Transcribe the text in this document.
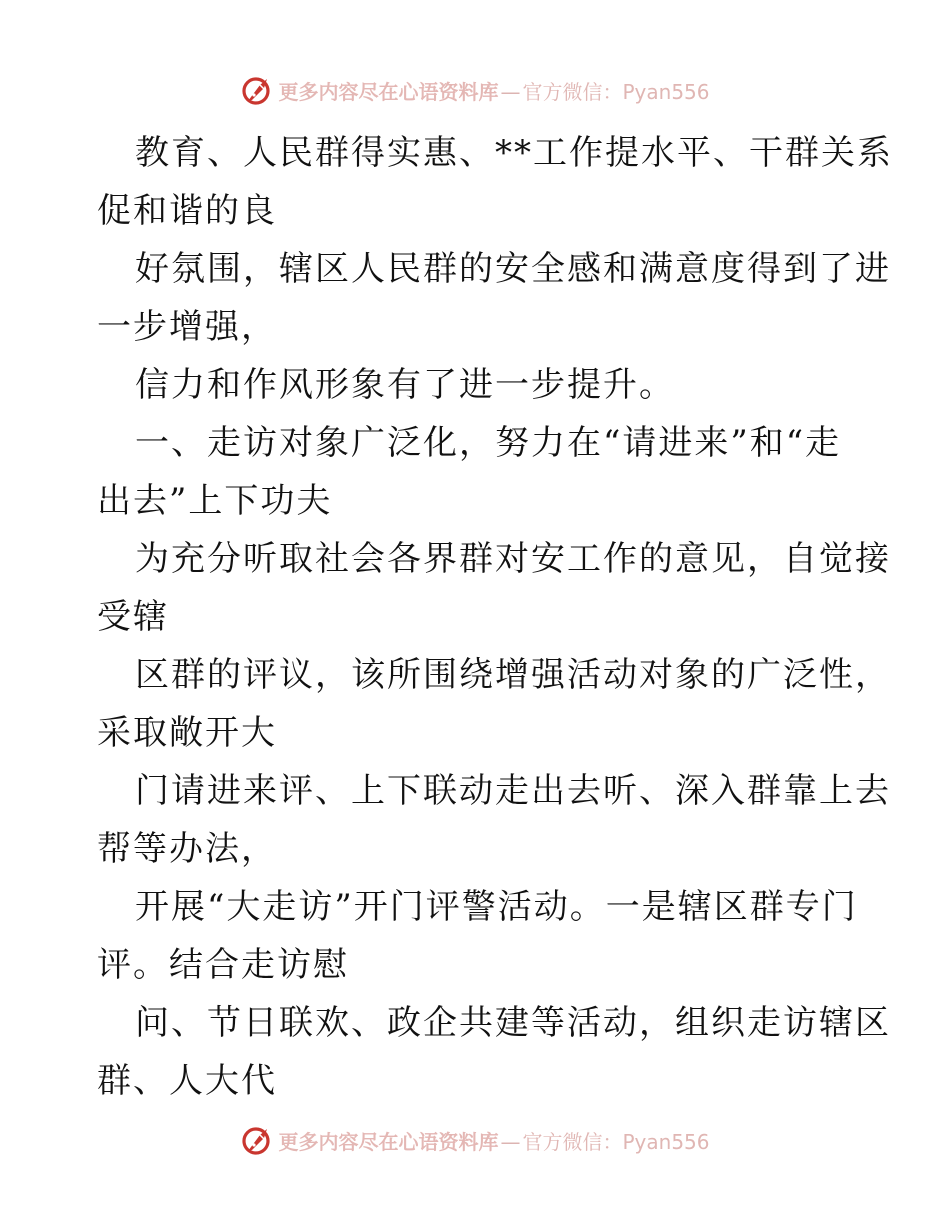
更多内容尽在心语资料库 — 官方微信： Pyan556
教育、人民群得实惠、**工作提水平、干群关系
促和谐的良
好氛围，辖区人民群的安全感和满意度得到了进
一步增强，
信力和作风形象有了进一步提升。
一、走访对象广泛化，努力在“请进来”和“走
出去”上下功夫
为充分听取社会各界群对安工作的意见，自觉接
受辖
区群的评议，该所围绕增强活动对象的广泛性，
采取敞开大
门请进来评、上下联动走出去听、深入群靠上去
帮等办法，
开展“大走访”开门评警活动。一是辖区群专门
评。结合走访慰
问、节日联欢、政企共建等活动，组织走访辖区
群、人大代
更多内容尽在心语资料库 — 官方微信： Pyan556
